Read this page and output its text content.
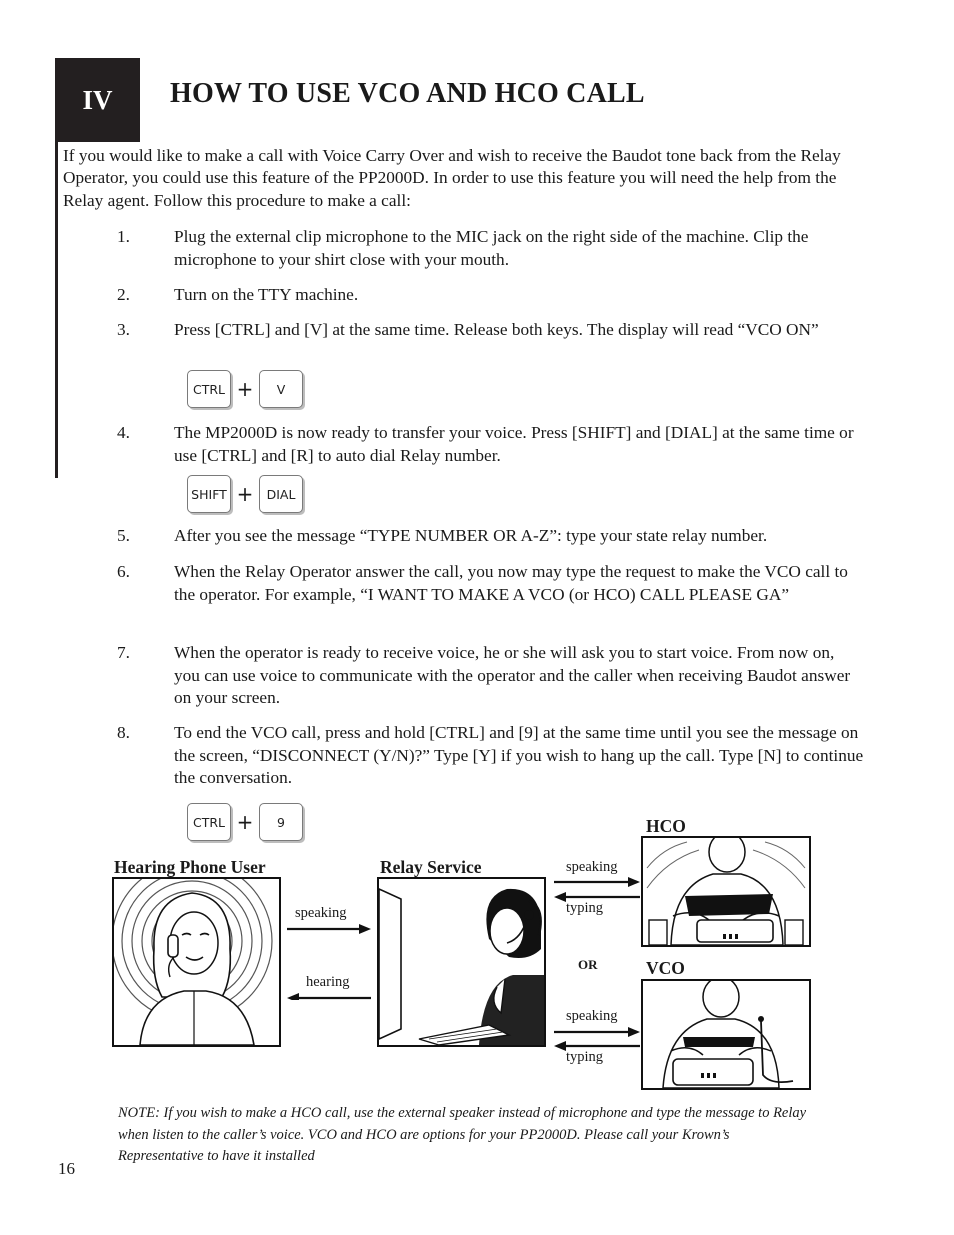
IV HOW TO USE VCO AND HCO CALL
If you would like to make a call with Voice Carry Over and wish to receive the Baudot tone back from the Relay Operator, you could use this feature of the PP2000D. In order to use this feature you will need the help from the Relay agent. Follow this procedure to make a call:
1.	Plug the external clip microphone to the MIC jack on the right side of the machine. Clip the microphone to your shirt close with your mouth.
2.	Turn on the TTY machine.
3.	Press [CTRL] and [V] at the same time. Release both keys. The display will read “VCO ON”
CTRL +	V
4.	The MP2000D is now ready to transfer your voice. Press [SHIFT] and [DIAL] at the same time or use [CTRL] and [R] to auto dial Relay number.
SHIFT +	DIAL
5.	After you see the message “TYPE NUMBER OR A-Z”: type your state relay number.
6.	When the Relay Operator answer the call, you now may type the request to make the VCO call to the operator. For example, “I WANT TO MAKE A VCO (or HCO) CALL PLEASE GA”
7.	When the operator is ready to receive voice, he or she will ask you to start voice. From now on, you can use voice to communicate with the operator and the caller when receiving Baudot answer on your screen.
8.	To end the VCO call, press and hold [CTRL] and [9] at the same time until you see the message on the screen, “DISCONNECT (Y/N)?” Type [Y] if you wish to hang up the call. Type [N] to continue the conversation.
CTRL +	9
Hearing Phone User	Relay Service
HCO
VCO
OR
speaking
hearing
speaking
typing
speaking
typing
NOTE: If you wish to make a HCO call, use the external speaker instead of microphone and type the message to Relay when listen to the caller’s voice. VCO and HCO are options for your PP2000D. Please call your Krown’s Representative to have it installed
16
